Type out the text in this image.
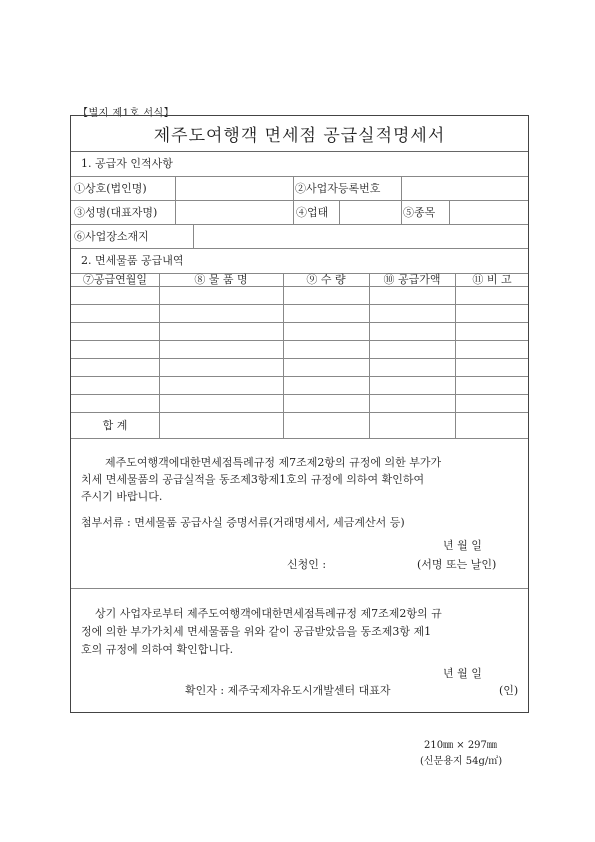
【별지 제1호 서식】
제주도여행객 면세점 공급실적명세서
1. 공급자 인적사항
①상호(법인명)	②사업자등록번호
③성명(대표자명)	④업태	⑤종목
⑥사업장소재지
2. 면세물품 공급내역
⑦공급연월일	⑧ 물 품 명	⑨ 수 량	⑩ 공급가액	⑪ 비 고
합 계
제주도여행객에대한면세점특례규정 제7조제2항의 규정에 의한 부가가
치세 면세물품의 공급실적을 동조제3항제1호의 규정에 의하여 확인하여
주시기 바랍니다.
첨부서류 : 면세물품 공급사실 증명서류(거래명세서, 세금계산서 등)
년 월 일
신청인 :	(서명 또는 날인)
상기 사업자로부터 제주도여행객에대한면세점특례규정 제7조제2항의 규
정에 의한 부가가치세 면세물품을 위와 같이 공급받았음을 동조제3항 제1
호의 규정에 의하여 확인합니다.
년 월 일
확인자 : 제주국제자유도시개발센터 대표자	(인)
210㎜ × 297㎜
(신문용지 54g/㎡)
